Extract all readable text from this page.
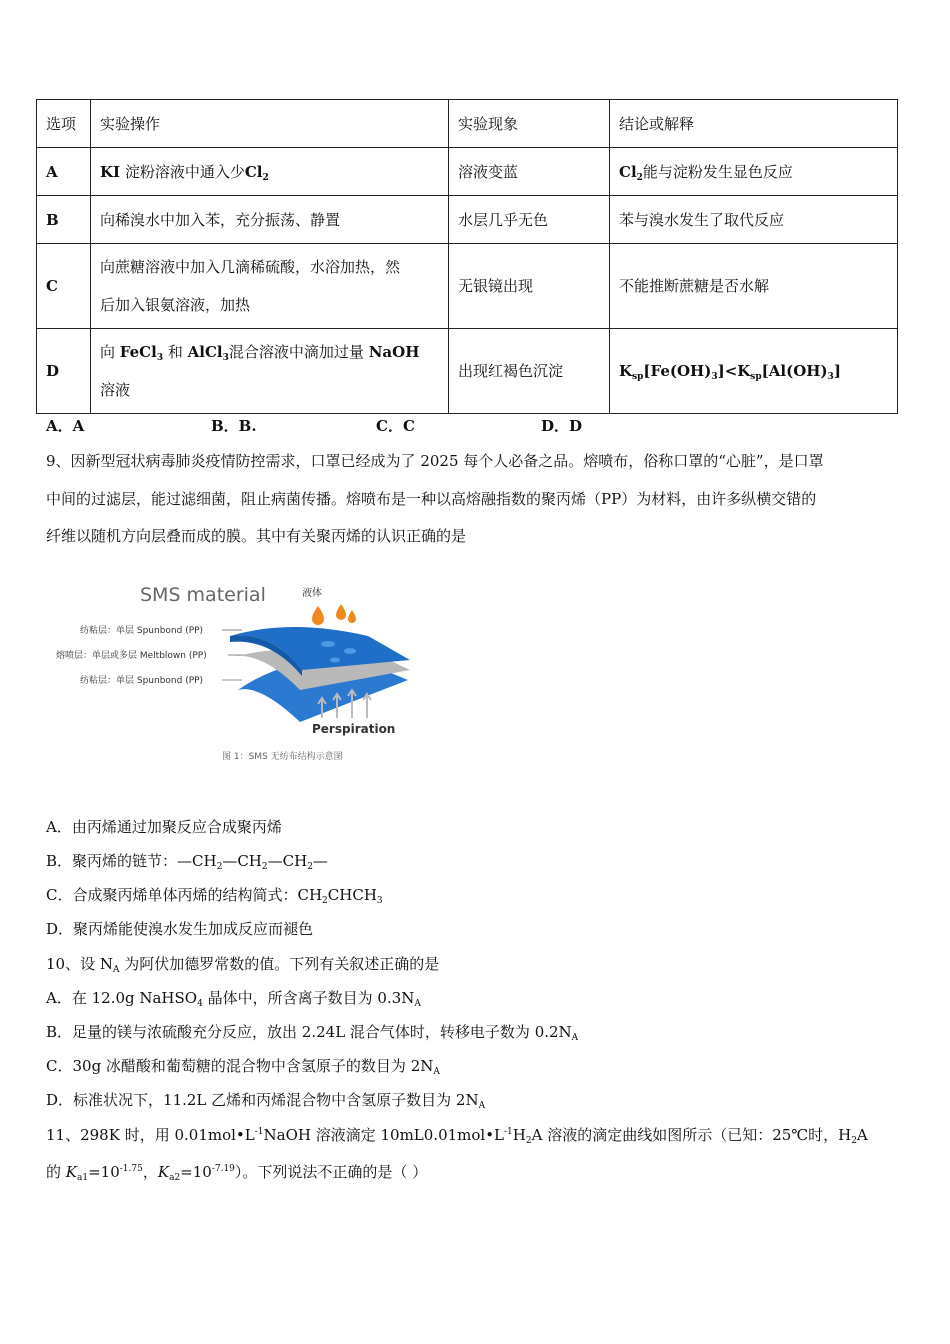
选项	实验操作	实验现象	结论或解释
A	KI 淀粉溶液中通入少$Cl_2$	溶液变蓝	$Cl_2$能与淀粉发生显色反应
B	向稀溴水中加入苯，充分振荡、静置	水层几乎无色	苯与溴水发生了取代反应
C	向蔗糖溶液中加入几滴稀硫酸，水浴加热，然
后加入银氨溶液，加热	无银镜出现	不能推断蔗糖是否水解
D	向 FeCl$_3$ 和 AlCl$_3$混合溶液中滴加过量 NaOH
溶液	出现红褐色沉淀	$K_{sp}[Fe(OH)_3]<K_{sp}[Al(OH)_3]$
A．A	B．B.	C．C	D．D
9、因新型冠状病毒肺炎疫情防控需求，口罩已经成为了 2025 每个人必备之品。熔喷布，俗称口罩的“心脏”，是口罩
中间的过滤层，能过滤细菌，阻止病菌传播。熔喷布是一种以高熔融指数的聚丙烯（PP）为材料，由许多纵横交错的
纤维以随机方向层叠而成的膜。其中有关聚丙烯的认识正确的是
SMS material	液体
纺粘层：单层 Spunbond (PP)
熔喷层：单层或多层 Meltblown (PP)
纺粘层：单层 Spunbond (PP)
Perspiration
图 1：SMS 无纺布结构示意图
A．由丙烯通过加聚反应合成聚丙烯
B．聚丙烯的链节：$—CH_2—CH_2—CH_2—$
C．合成聚丙烯单体丙烯的结构简式：$CH_2CHCH_3$
D．聚丙烯能使溴水发生加成反应而褪色
10、设 $N_A$ 为阿伏加德罗常数的值。下列有关叙述正确的是
A．在 12.0g NaHSO$_4$ 晶体中，所含离子数目为 $0.3N_A$
B．足量的镁与浓硫酸充分反应，放出 2.24L 混合气体时，转移电子数为 $0.2N_A$
C．30g 冰醋酸和葡萄糖的混合物中含氢原子的数目为 $2N_A$
D．标准状况下，11.2L 乙烯和丙烯混合物中含氢原子数目为 $2N_A$
11、298K 时，用 $0.01mol•L^{-1}NaOH$ 溶液滴定 $10mL0.01mol•L^{-1}H_2A$ 溶液的滴定曲线如图所示（已知：25℃时，$H_2A$
的 $K_{a1}=10^{-1.75}$，$K_{a2}=10^{-7.19}$）。下列说法不正确的是（ ）
